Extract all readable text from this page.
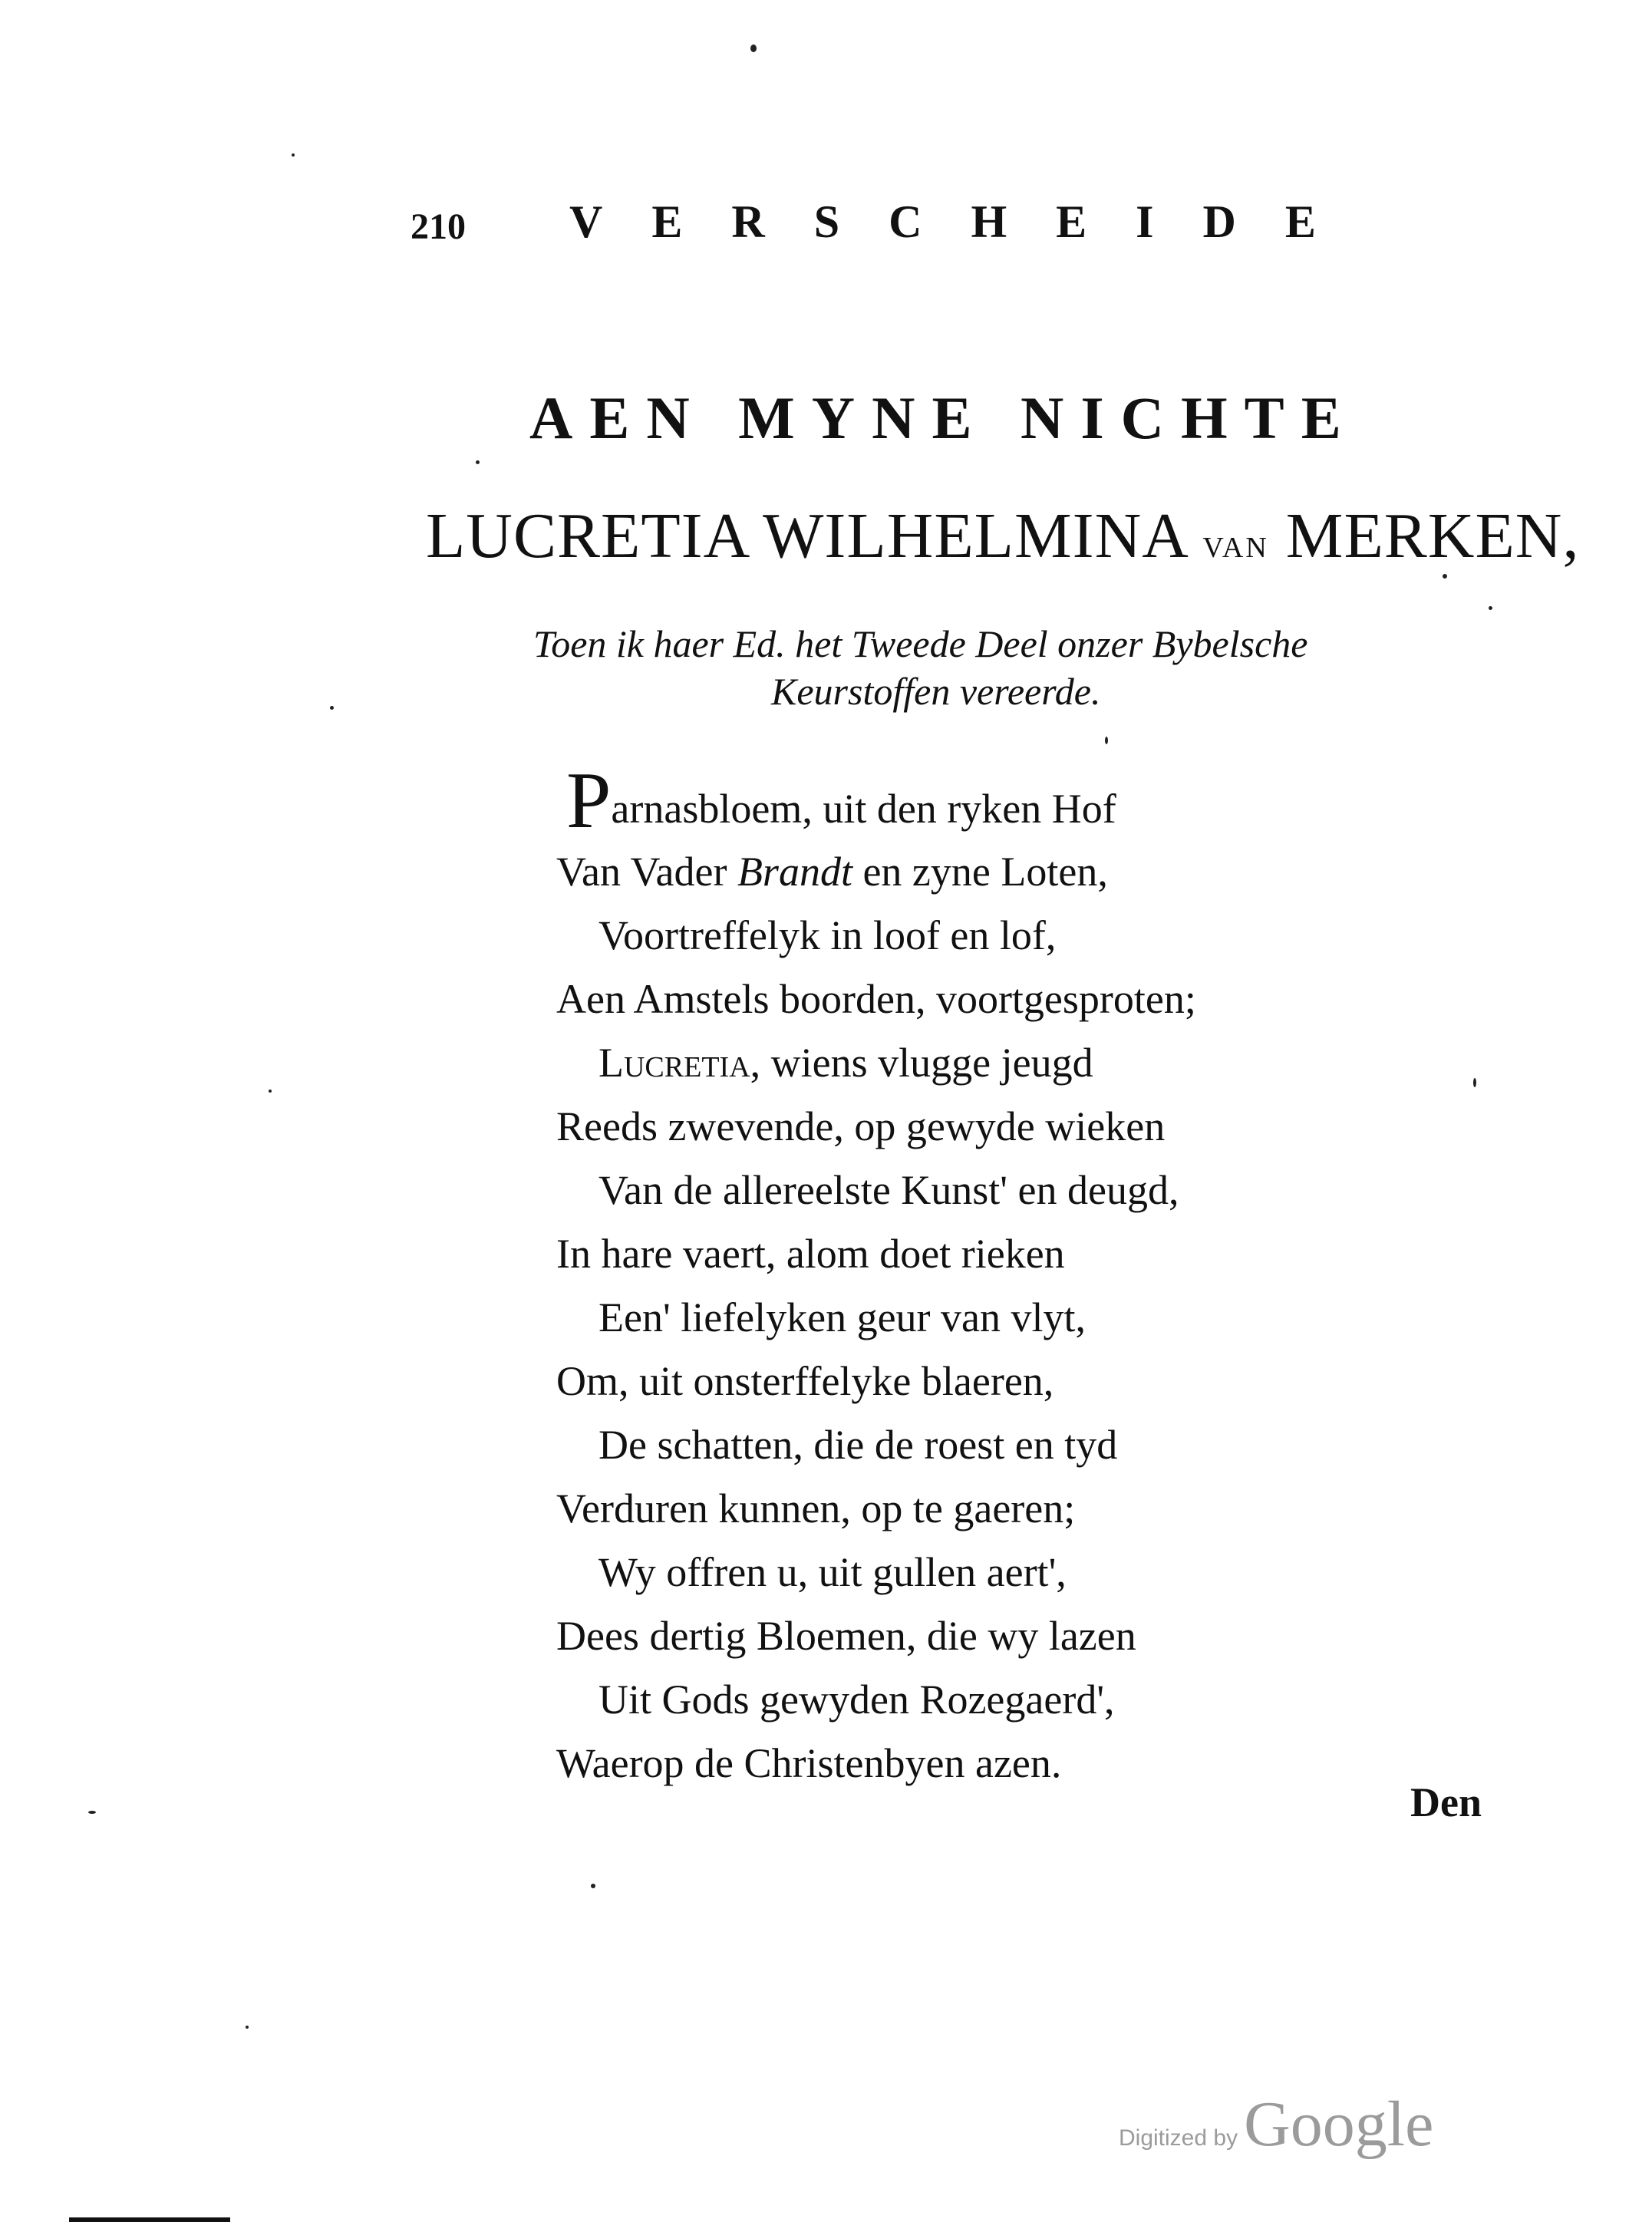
210 V E R S C H E I D E
AEN MYNE NICHTE
LUCRETIA WILHELMINA VAN MERKEN,
Toen ik haer Ed. het Tweede Deel onzer Bybelsche
Keurstoffen vereerde.
Parnasbloem, uit den ryken Hof
Van Vader Brandt en zyne Loten,
Voortreffelyk in loof en lof,
Aen Amstels boorden, voortgesproten;
Lucretia, wiens vlugge jeugd
Reeds zwevende, op gewyde wieken
Van de allereelste Kunst' en deugd,
In hare vaert, alom doet rieken
Een' liefelyken geur van vlyt,
Om, uit onsterffelyke blaeren,
De schatten, die de roest en tyd
Verduren kunnen, op te gaeren;
Wy offren u, uit gullen aert',
Dees dertig Bloemen, die wy lazen
Uit Gods gewyden Rozegaerd',
Waerop de Christenbyen azen.
Den
Digitized byGoogle
